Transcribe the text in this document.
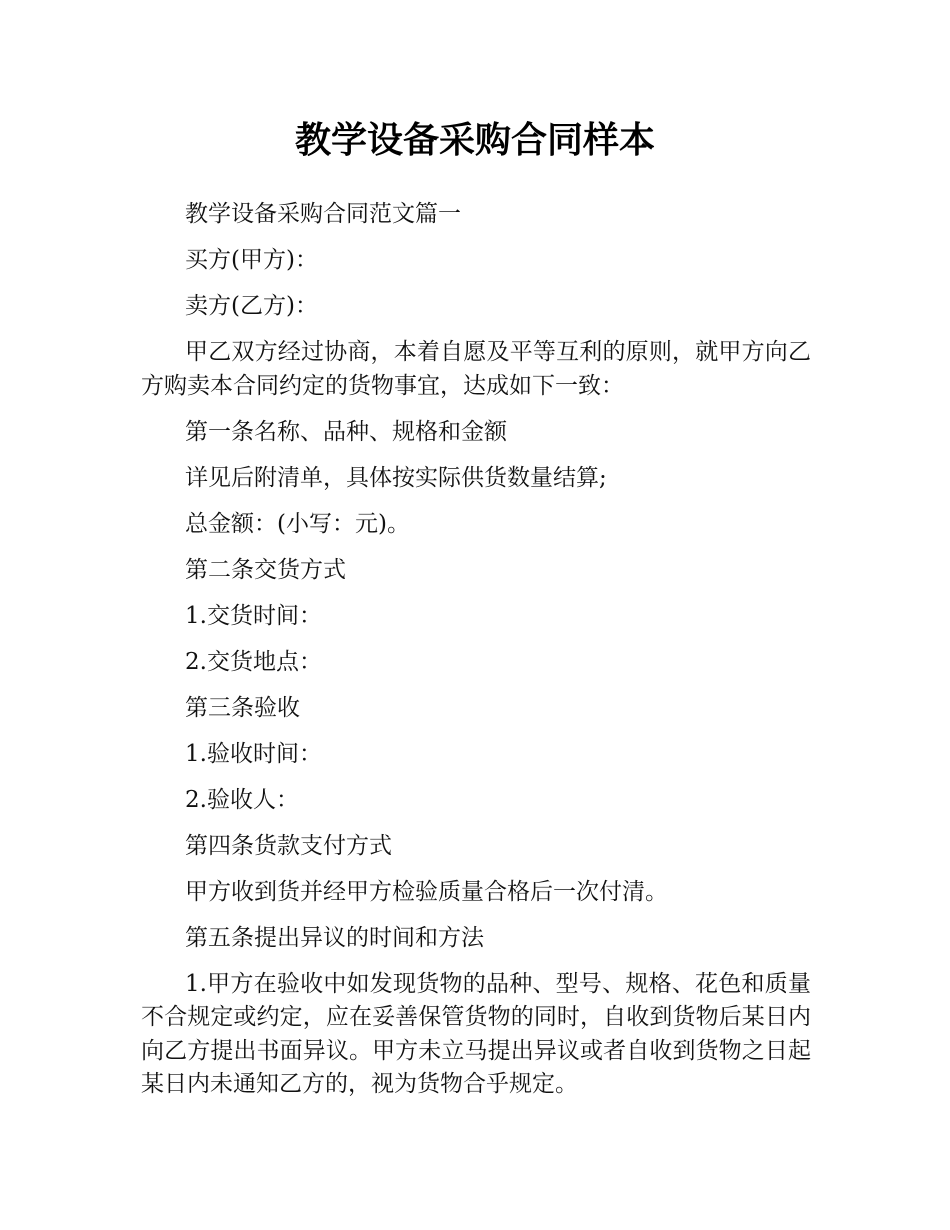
教学设备采购合同样本

教学设备采购合同范文篇一

买方(甲方)：

卖方(乙方)：

甲乙双方经过协商，本着自愿及平等互利的原则，就甲方向乙方购卖本合同约定的货物事宜，达成如下一致：

第一条名称、品种、规格和金额

详见后附清单，具体按实际供货数量结算;

总金额：(小写：元)。

第二条交货方式

1.交货时间：

2.交货地点：

第三条验收

1.验收时间：

2.验收人：

第四条货款支付方式

甲方收到货并经甲方检验质量合格后一次付清。

第五条提出异议的时间和方法

1.甲方在验收中如发现货物的品种、型号、规格、花色和质量不合规定或约定，应在妥善保管货物的同时，自收到货物后某日内向乙方提出书面异议。甲方未立马提出异议或者自收到货物之日起某日内未通知乙方的，视为货物合乎规定。
